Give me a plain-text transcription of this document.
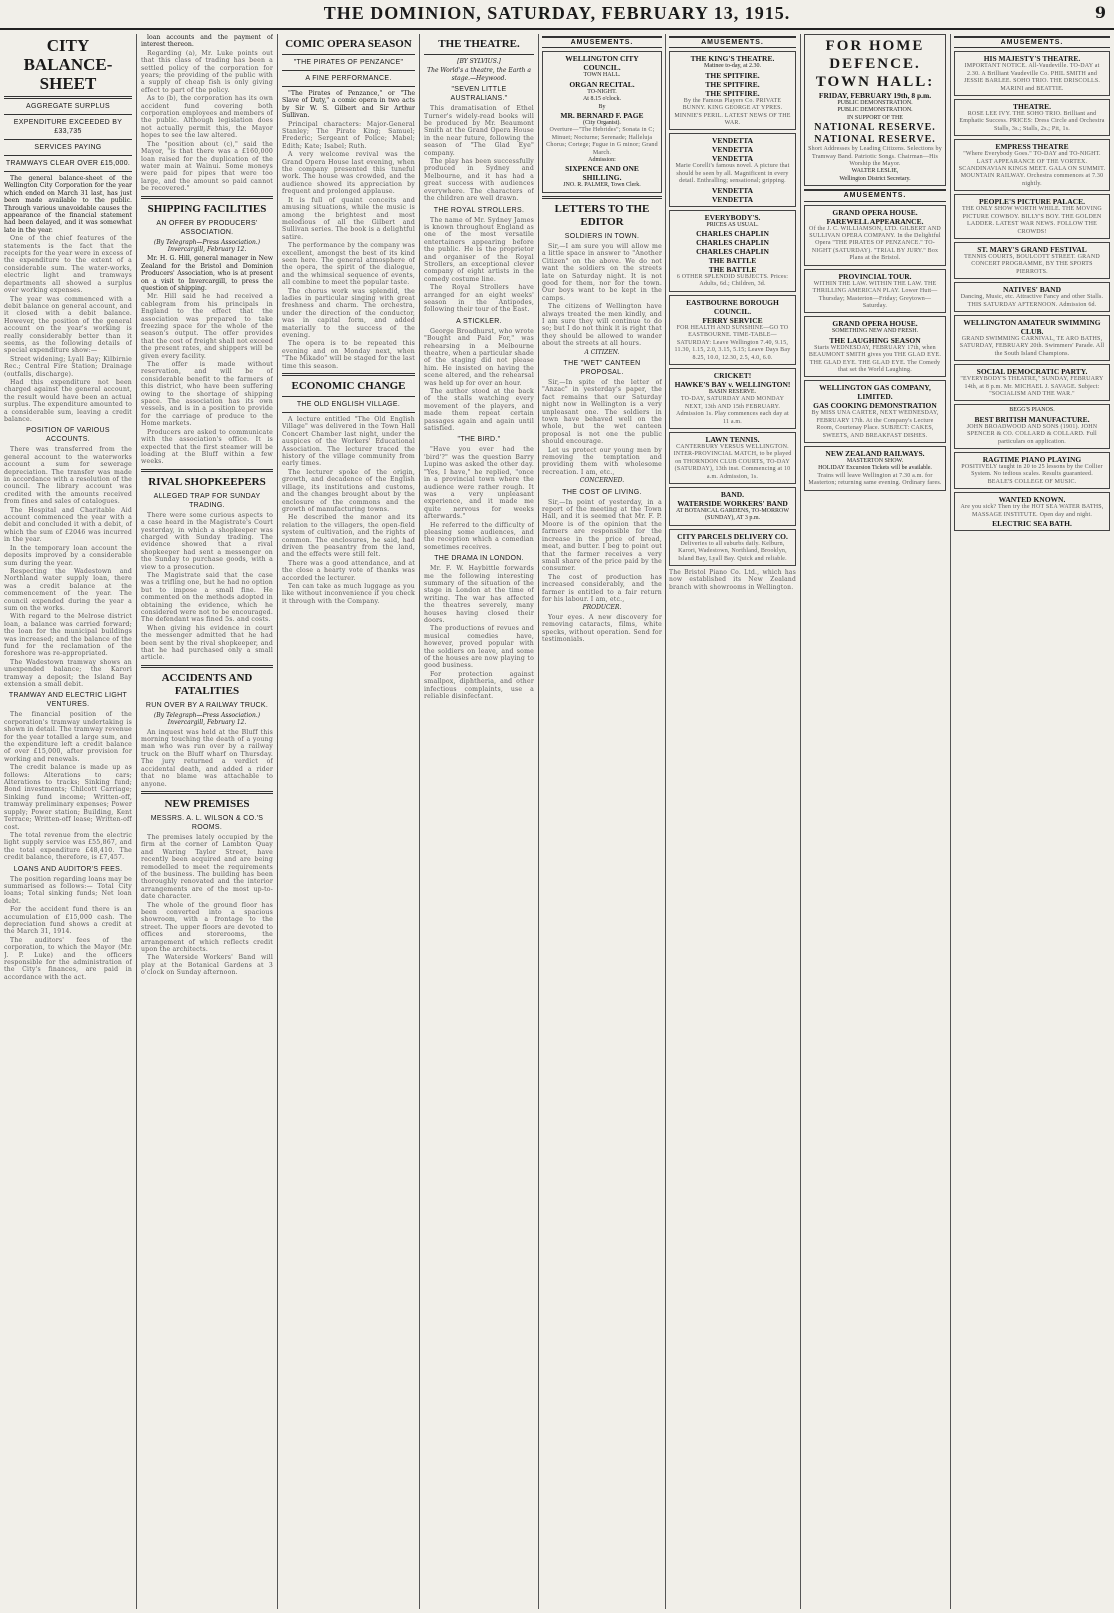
THE DOMINION, SATURDAY, FEBRUARY 13, 1915.	9
CITY BALANCE-SHEET
AGGREGATE SURPLUS
EXPENDITURE EXCEEDED BY £33,735
SERVICES PAYING
TRAMWAYS CLEAR OVER £15,000.

The general balance-sheet of the Wellington City Corporation for the year which ended on March 31 last, has just been made available to the public. Through various unavoidable causes the appearance of the financial statement had been delayed, and it was somewhat late in the year.

One of the chief features of the statements is the fact that the receipts for the year were in excess of the expenditure to the extent of a considerable sum. The water-works, electric light and tramways departments all showed a surplus over working expenses.

The year was commenced with a debit balance on general account, and it closed with a debit balance. However, the position of the general account on the year's working is really considerably better than it seems, as the following details of special expenditure show:—

Street widening; Lyall Bay; Kilbirnie Rec.; Central Fire Station; Drainage (outfalls, discharge).

Had this expenditure not been charged against the general account, the result would have been an actual surplus. The expenditure amounted to a considerable sum, leaving a credit balance.

POSITION OF VARIOUS ACCOUNTS.

There was transferred from the general account to the waterworks account a sum for sewerage depreciation. The transfer was made in accordance with a resolution of the council. The library account was credited with the amounts received from fines and sales of catalogues.

The Hospital and Charitable Aid account commenced the year with a debit and concluded it with a debit, of which the sum of £2046 was incurred in the year.

In the temporary loan account the deposits improved by a considerable sum during the year.

Respecting the Wadestown and Northland water supply loan, there was a credit balance at the commencement of the year. The council expended during the year a sum on the works.

With regard to the Melrose district loan, a balance was carried forward; the loan for the municipal buildings was increased; and the balance of the fund for the reclamation of the foreshore was re-appropriated.

The Wadestown tramway shows an unexpended balance; the Karori tramway a deposit; the Island Bay extension a small debit.

TRAMWAY AND ELECTRIC LIGHT VENTURES.

The financial position of the corporation's tramway undertaking is shown in detail. The tramway revenue for the year totalled a large sum, and the expenditure left a credit balance of over £15,000, after provision for working and renewals.

The credit balance is made up as follows: Alterations to cars; Alterations to tracks; Sinking fund; Bond investments; Chilcott Carriage; Sinking fund income; Written-off, tramway preliminary expenses; Power supply; Power station; Building, Kent Terrace; Written-off lease; Written-off cost.

The total revenue from the electric light supply service was £55,867, and the total expenditure £48,410. The credit balance, therefore, is £7,457.

LOANS AND AUDITOR'S FEES.

The position regarding loans may be summarised as follows:— Total City loans; Total sinking funds; Net loan debt.

For the accident fund there is an accumulation of £15,000 cash. The depreciation fund shows a credit at the March 31, 1914.

The auditors' fees of the corporation, to which the Mayor (Mr. J. P. Luke) and the officers responsible for the administration of the City's finances, are paid in accordance with the act.

loan accounts and the payment of interest thereon.

Regarding (a), Mr. Luke points out that this class of trading has been a settled policy of the corporation for years; the providing of the public with a supply of cheap fish is only giving effect to part of the policy.

As to (b), the corporation has its own accident fund covering both corporation employees and members of the public. Although legislation does not actually permit this, the Mayor hopes to see the law altered.

The "position about (c)," said the Mayor, "is that there was a £160,000 loan raised for the duplication of the water main at Wainui. Some moneys were paid for pipes that were too large, and the amount so paid cannot be recovered."

SHIPPING FACILITIES
AN OFFER BY PRODUCERS' ASSOCIATION.
(By Telegraph—Press Association.) Invercargill, February 12.

Mr. H. G. Hill, general manager in New Zealand for the Bristol and Dominion Producers' Association, who is at present on a visit to Invercargill, to press the question of shipping.

Mr. Hill said he had received a cablegram from his principals in England to the effect that the association was prepared to take freezing space for the whole of the season's output. The offer provides that the cost of freight shall not exceed the present rates, and shippers will be given every facility.

The offer is made without reservation, and will be of considerable benefit to the farmers of this district, who have been suffering owing to the shortage of shipping space. The association has its own vessels, and is in a position to provide for the carriage of produce to the Home markets.

Producers are asked to communicate with the association's office. It is expected that the first steamer will be loading at the Bluff within a few weeks.

RIVAL SHOPKEEPERS
ALLEGED TRAP FOR SUNDAY TRADING.

There were some curious aspects to a case heard in the Magistrate's Court yesterday, in which a shopkeeper was charged with Sunday trading. The evidence showed that a rival shopkeeper had sent a messenger on the Sunday to purchase goods, with a view to a prosecution.

The Magistrate said that the case was a trifling one, but he had no option but to impose a small fine. He commented on the methods adopted in obtaining the evidence, which he considered were not to be encouraged. The defendant was fined 5s. and costs.

When giving his evidence in court the messenger admitted that he had been sent by the rival shopkeeper, and that he had purchased only a small article.

ACCIDENTS AND FATALITIES
RUN OVER BY A RAILWAY TRUCK.
(By Telegraph—Press Association.) Invercargill, February 12.

An inquest was held at the Bluff this morning touching the death of a young man who was run over by a railway truck on the Bluff wharf on Thursday. The jury returned a verdict of accidental death, and added a rider that no blame was attachable to anyone.

NEW PREMISES
MESSRS. A. L. WILSON & CO.'S ROOMS.

The premises lately occupied by the firm at the corner of Lambton Quay and Waring Taylor Street, have recently been acquired and are being remodelled to meet the requirements of the business. The building has been thoroughly renovated and the interior arrangements are of the most up-to-date character.

The whole of the ground floor has been converted into a spacious showroom, with a frontage to the street. The upper floors are devoted to offices and storerooms, the arrangement of which reflects credit upon the architects.

The Waterside Workers' Band will play at the Botanical Gardens at 3 o'clock on Sunday afternoon.

COMIC OPERA SEASON
"THE PIRATES OF PENZANCE"
A FINE PERFORMANCE.

"The Pirates of Penzance," or "The Slave of Duty," a comic opera in two acts by Sir W. S. Gilbert and Sir Arthur Sullivan.

Principal characters: Major-General Stanley; The Pirate King; Samuel; Frederic; Sergeant of Police; Mabel; Edith; Kate; Isabel; Ruth.

A very welcome revival was the Grand Opera House last evening, when the company presented this tuneful work. The house was crowded, and the audience showed its appreciation by frequent and prolonged applause.

It is full of quaint conceits and amusing situations, while the music is among the brightest and most melodious of all the Gilbert and Sullivan series. The book is a delightful satire.

The performance by the company was excellent, amongst the best of its kind seen here. The general atmosphere of the opera, the spirit of the dialogue, and the whimsical sequence of events, all combine to meet the popular taste.

The chorus work was splendid, the ladies in particular singing with great freshness and charm. The orchestra, under the direction of the conductor, was in capital form, and added materially to the success of the evening.

The opera is to be repeated this evening and on Monday next, when "The Mikado" will be staged for the last time this season.

ECONOMIC CHANGE
THE OLD ENGLISH VILLAGE.

A lecture entitled "The Old English Village" was delivered in the Town Hall Concert Chamber last night, under the auspices of the Workers' Educational Association. The lecturer traced the history of the village community from early times.

The lecturer spoke of the origin, growth, and decadence of the English village, its institutions and customs, and the changes brought about by the enclosure of the commons and the growth of manufacturing towns.

He described the manor and its relation to the villagers, the open-field system of cultivation, and the rights of common. The enclosures, he said, had driven the peasantry from the land, and the effects were still felt.

There was a good attendance, and at the close a hearty vote of thanks was accorded the lecturer.

Ten can take as much luggage as you like without inconvenience if you check it through with the Company.

THE THEATRE.
[BY SYLVIUS.]
The World's a theatre, the Earth a stage.—Heywood.
"SEVEN LITTLE AUSTRALIANS."

This dramatisation of Ethel Turner's widely-read books will be produced by Mr. Beaumont Smith at the Grand Opera House in the near future, following the season of "The Glad Eye" company.

The play has been successfully produced in Sydney and Melbourne, and it has had a great success with audiences everywhere. The characters of the children are well drawn.

THE ROYAL STROLLERS.

The name of Mr. Sydney James is known throughout England as one of the most versatile entertainers appearing before the public. He is the proprietor and organiser of the Royal Strollers, an exceptional clever company of eight artists in the comedy costume line.

The Royal Strollers have arranged for an eight weeks' season in the Antipodes, following their tour of the East.

A STICKLER.

George Broadhurst, who wrote "Bought and Paid For," was rehearsing in a Melbourne theatre, when a particular shade of the staging did not please him. He insisted on having the scene altered, and the rehearsal was held up for over an hour.

The author stood at the back of the stalls watching every movement of the players, and made them repeat certain passages again and again until satisfied.

"THE BIRD."

"Have you ever had the 'bird'?" was the question Barry Lupino was asked the other day. "Yes, I have," he replied, "once in a provincial town where the audience were rather rough. It was a very unpleasant experience, and it made me quite nervous for weeks afterwards."

He referred to the difficulty of pleasing some audiences, and the reception which a comedian sometimes receives.

THE DRAMA IN LONDON.

Mr. F. W. Haybittle forwards me the following interesting summary of the situation of the stage in London at the time of writing. The war has affected the theatres severely, many houses having closed their doors.

The productions of revues and musical comedies have, however, proved popular with the soldiers on leave, and some of the houses are now playing to good business.

For protection against smallpox, diphtheria, and other infectious complaints, use a reliable disinfectant.

AMUSEMENTS.
WELLINGTON CITY COUNCIL.
TOWN HALL.
ORGAN RECITAL.
TO-NIGHT.
At 8.15 o'clock.
By
MR. BERNARD F. PAGE
(City Organist).
Overture—"The Hebrides"; Sonata in C; Minuet; Nocturne; Serenade; Halleluja Chorus; Cortege; Fugue in G minor; Grand March.
Admission:
SIXPENCE AND ONE SHILLING.
JNO. R. PALMER, Town Clerk.
LETTERS TO THE EDITOR
SOLDIERS IN TOWN.

Sir,—I am sure you will allow me a little space in answer to "Another Citizen" on the above. We do not want the soldiers on the streets late on Saturday night. It is not good for them, nor for the town. Our boys want to be kept in the camps.

The citizens of Wellington have always treated the men kindly, and I am sure they will continue to do so; but I do not think it is right that they should be allowed to wander about the streets at all hours.

A CITIZEN.
THE "WET" CANTEEN PROPOSAL.

Sir,—In spite of the letter of "Anzac" in yesterday's paper, the fact remains that our Saturday night now in Wellington is a very unpleasant one. The soldiers in town have behaved well on the whole, but the wet canteen proposal is not one the public should encourage.

Let us protect our young men by removing the temptation and providing them with wholesome recreation. I am, etc.,

CONCERNED.
THE COST OF LIVING.

Sir,—In point of yesterday, in a report of the meeting at the Town Hall, and it is seemed that Mr. F. P. Moore is of the opinion that the farmers are responsible for the increase in the price of bread, meat, and butter. I beg to point out that the farmer receives a very small share of the price paid by the consumer.

The cost of production has increased considerably, and the farmer is entitled to a fair return for his labour. I am, etc.,

PRODUCER.

Your eyes. A new discovery for removing cataracts, films, white specks, without operation. Send for testimonials.

AMUSEMENTS.
THE KING'S THEATRE.
Matinee to-day, at 2.30.
THE SPITFIRE.
THE SPITFIRE.
THE SPITFIRE.
By the Famous Players Co. PRIVATE BUNNY. KING GEORGE AT YPRES. MINNIE'S PERIL. LATEST NEWS OF THE WAR.
VENDETTA
VENDETTA
VENDETTA
Marie Corelli's famous novel. A picture that should be seen by all. Magnificent in every detail. Enthralling; sensational; gripping.
VENDETTA
VENDETTA
EVERYBODY'S.
PRICES AS USUAL.
CHARLES CHAPLIN
CHARLES CHAPLIN
CHARLES CHAPLIN
THE BATTLE
THE BATTLE
6 OTHER SPLENDID SUBJECTS. Prices: Adults, 6d.; Children, 3d.
EASTBOURNE BOROUGH COUNCIL.
FERRY SERVICE
FOR HEALTH AND SUNSHINE—GO TO EASTBOURNE. TIME-TABLE—SATURDAY: Leave Wellington 7.40, 9.15, 11.30, 1.15, 2.0, 3.15, 5.15; Leave Days Bay 8.25, 10.0, 12.30, 2.5, 4.0, 6.0.
CRICKET!
HAWKE'S BAY v. WELLINGTON!
BASIN RESERVE.
TO-DAY, SATURDAY AND MONDAY NEXT, 13th AND 15th FEBRUARY. Admission 1s. Play commences each day at 11 a.m.
LAWN TENNIS.
CANTERBURY VERSUS WELLINGTON. INTER-PROVINCIAL MATCH, to be played on THORNDON CLUB COURTS, TO-DAY (SATURDAY), 13th inst. Commencing at 10 a.m. Admission, 1s.
BAND.
WATERSIDE WORKERS' BAND
AT BOTANICAL GARDENS, TO-MORROW (SUNDAY), AT 3 p.m.
CITY PARCELS DELIVERY CO.
Deliveries to all suburbs daily. Kelburn, Karori, Wadestown, Northland, Brooklyn, Island Bay, Lyall Bay. Quick and reliable.
The Bristol Piano Co. Ltd., which has now established its New Zealand branch with showrooms in Wellington.
FOR HOME DEFENCE.
TOWN HALL:
FRIDAY, FEBRUARY 19th, 8 p.m.
PUBLIC DEMONSTRATION.
PUBLIC DEMONSTRATION.
IN SUPPORT OF THE
NATIONAL RESERVE.
NATIONAL RESERVE.
Short Addresses by Leading Citizens. Selections by Tramway Band. Patriotic Songs. Chairman—His Worship the Mayor.
WALTER LESLIE,
Wellington District Secretary.
AMUSEMENTS.
GRAND OPERA HOUSE.
FAREWELL APPEARANCE.
Of the J. C. WILLIAMSON, LTD. GILBERT AND SULLIVAN OPERA COMPANY. In the Delightful Opera "THE PIRATES OF PENZANCE." TO-NIGHT (SATURDAY). "TRIAL BY JURY." Box Plans at the Bristol.
PROVINCIAL TOUR.
WITHIN THE LAW. WITHIN THE LAW. THE THRILLING AMERICAN PLAY. Lower Hutt—Thursday; Masterton—Friday; Greytown—Saturday.
GRAND OPERA HOUSE.
SOMETHING NEW AND FRESH.
THE LAUGHING SEASON
Starts WEDNESDAY, FEBRUARY 17th, when BEAUMONT SMITH gives you THE GLAD EYE. THE GLAD EYE. THE GLAD EYE. The Comedy that set the World Laughing.
WELLINGTON GAS COMPANY, LIMITED.
GAS COOKING DEMONSTRATION
By MISS UNA CARTER, NEXT WEDNESDAY, FEBRUARY 17th. At the Company's Lecture Room, Courtenay Place. SUBJECT: CAKES, SWEETS, AND BREAKFAST DISHES.
NEW ZEALAND RAILWAYS.
MASTERTON SHOW.
HOLIDAY Excursion Tickets will be available.
Trains will leave Wellington at 7.30 a.m. for Masterton; returning same evening. Ordinary fares.
AMUSEMENTS.
HIS MAJESTY'S THEATRE.
IMPORTANT NOTICE. All-Vaudeville. TO-DAY at 2.30. A Brilliant Vaudeville Co. PHIL SMITH and JESSIE BARLEE. SOHO TRIO. THE DRISCOLLS. MARINI and BEATTIE.
THEATRE.
ROSE LEE IVY. THE SOHO TRIO. Brilliant and Emphatic Success. PRICES: Dress Circle and Orchestra Stalls, 3s.; Stalls, 2s.; Pit, 1s.
EMPRESS THEATRE
"Where Everybody Goes." TO-DAY and TO-NIGHT. LAST APPEARANCE OF THE VORTEX. SCANDINAVIAN KINGS MEET. GALA ON SUMMIT. MOUNTAIN RAILWAY. Orchestra commences at 7.30 nightly.
PEOPLE'S PICTURE PALACE.
THE ONLY SHOW WORTH WHILE. THE MOVING PICTURE COWBOY. BILLY'S BOY. THE GOLDEN LADDER. LATEST WAR NEWS. FOLLOW THE CROWDS!
ST. MARY'S GRAND FESTIVAL
TENNIS COURTS, BOULCOTT STREET. GRAND CONCERT PROGRAMME, BY THE SPORTS PIERROTS.
NATIVES' BAND
Dancing, Music, etc. Attractive Fancy and other Stalls. THIS SATURDAY AFTERNOON. Admission 6d.
WELLINGTON AMATEUR SWIMMING CLUB.
GRAND SWIMMING CARNIVAL, TE ARO BATHS, SATURDAY, FEBRUARY 20th. Swimmers' Parade. All the South Island Champions.
SOCIAL DEMOCRATIC PARTY.
"EVERYBODY'S THEATRE," SUNDAY, FEBRUARY 14th, at 8 p.m. Mr. MICHAEL J. SAVAGE. Subject: "SOCIALISM AND THE WAR."
BEGG'S PIANOS.
BEST BRITISH MANUFACTURE.
JOHN BROADWOOD AND SONS (1901). JOHN SPENCER & CO. COLLARD & COLLARD. Full particulars on application.
RAGTIME PIANO PLAYING
POSITIVELY taught in 20 to 25 lessons by the Collier System. No tedious scales. Results guaranteed. BEALE'S COLLEGE OF MUSIC.
WANTED KNOWN.
Are you sick? Then try the HOT SEA WATER BATHS, MASSAGE INSTITUTE. Open day and night.
ELECTRIC SEA BATH.
